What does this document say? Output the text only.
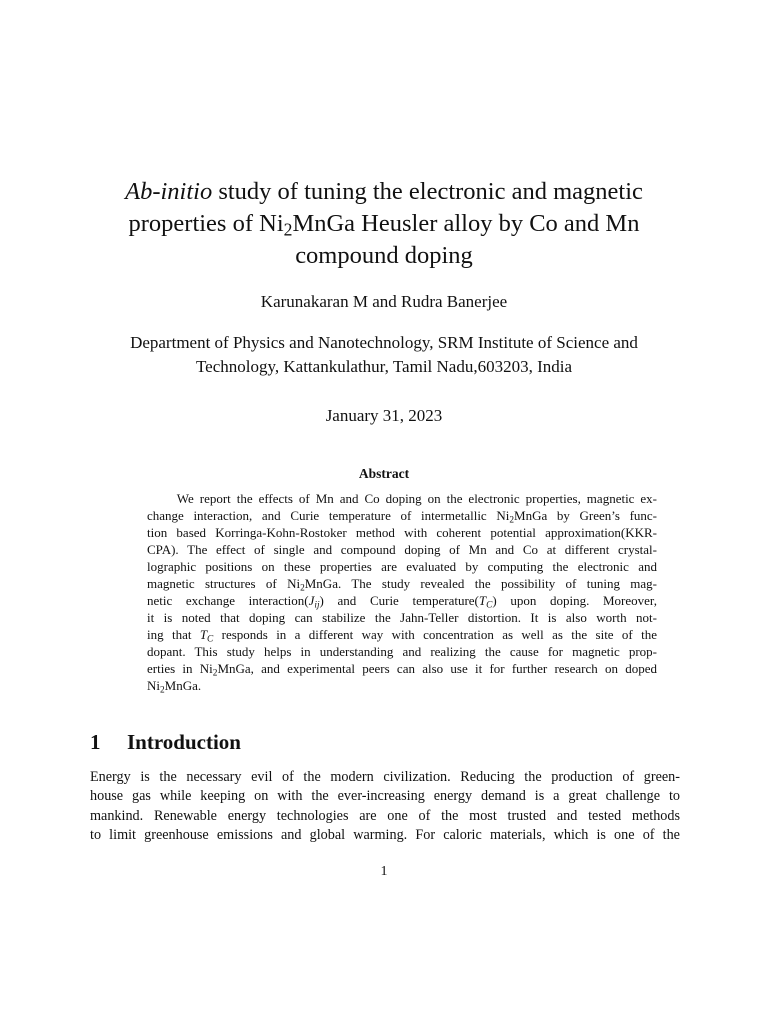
Ab-initio study of tuning the electronic and magnetic
properties of $Ni_2MnGa$ Heusler alloy by Co and Mn
compound doping
Karunakaran M and Rudra Banerjee
Department of Physics and Nanotechnology, SRM Institute of Science and
Technology, Kattankulathur, Tamil Nadu,603203, India
January 31, 2023
Abstract
We report the effects of Mn and Co doping on the electronic properties, magnetic ex-
change interaction, and Curie temperature of intermetallic $Ni_2MnGa$ by Green’s func-
tion based Korringa-Kohn-Rostoker method with coherent potential approximation(KKR-
CPA). The effect of single and compound doping of Mn and Co at different crystal-
lographic positions on these properties are evaluated by computing the electronic and
magnetic structures of $Ni_2MnGa$. The study revealed the possibility of tuning mag-
netic exchange $interaction(J_{ij})$ and Curie $temperature(T_C)$ upon doping. Moreover,
it is noted that doping can stabilize the Jahn-Teller distortion. It is also worth not-
ing that $T_C$ responds in a different way with concentration as well as the site of the
dopant. This study helps in understanding and realizing the cause for magnetic prop-
erties in $Ni_2MnGa$, and experimental peers can also use it for further research on doped
$Ni_2MnGa$.
1 Introduction
Energy is the necessary evil of the modern civilization. Reducing the production of green-
house gas while keeping on with the ever-increasing energy demand is a great challenge to
mankind. Renewable energy technologies are one of the most trusted and tested methods
to limit greenhouse emissions and global warming. For caloric materials, which is one of the
1
